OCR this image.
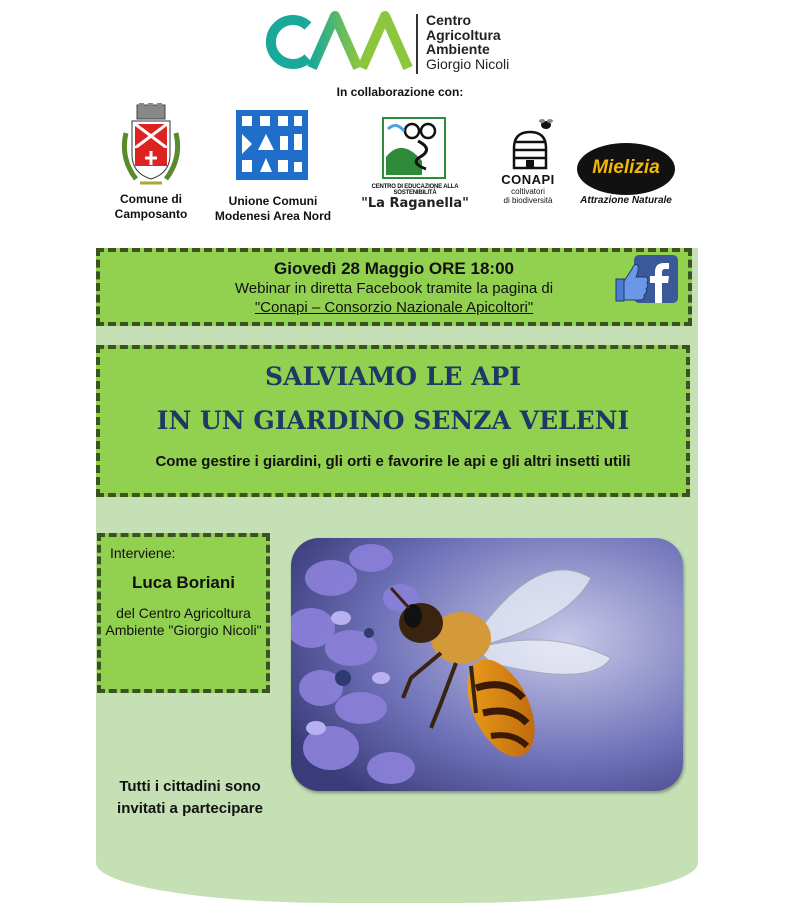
Centro
Agricoltura
Ambiente
Giorgio Nicoli
In collaborazione con:
Comune di
Camposanto
Unione Comuni
Modenesi Area Nord
CENTRO DI EDUCAZIONE ALLA SOSTENIBILITÀ
"La Raganella"
CONAPI
coltivatori
di biodiversità
Mielizia
Attrazione Naturale
Giovedì 28 Maggio ORE 18:00
Webinar in diretta Facebook tramite la pagina di
"Conapi – Consorzio Nazionale Apicoltori"
SALVIAMO LE API
IN UN GIARDINO SENZA VELENI
Come gestire i giardini, gli orti e favorire le api e gli altri insetti utili
Interviene:
Luca Boriani
del Centro Agricoltura Ambiente "Giorgio Nicoli"
Tutti i cittadini sono invitati a partecipare
